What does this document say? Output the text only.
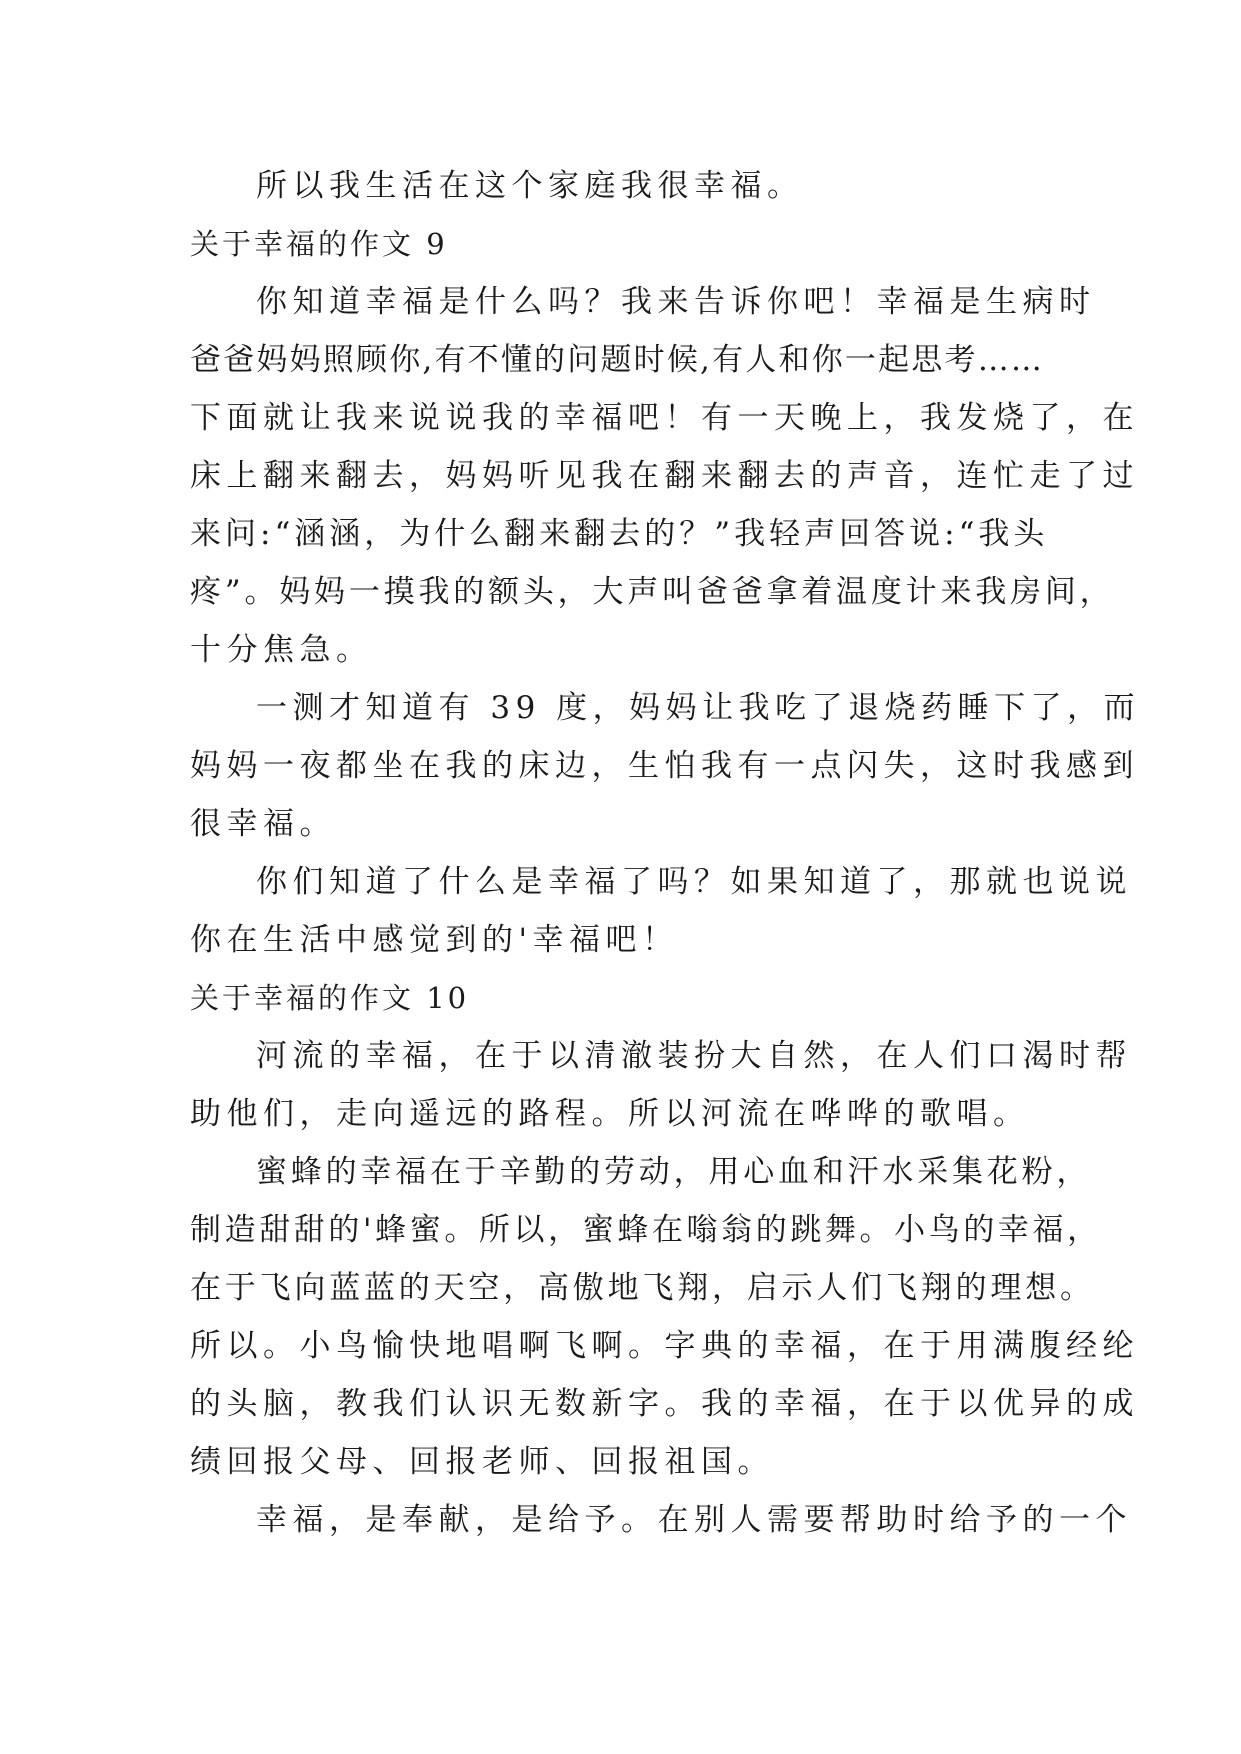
所以我生活在这个家庭我很幸福。
关于幸福的作文 9
你知道幸福是什么吗？我来告诉你吧！幸福是生病时
爸爸妈妈照顾你,有不懂的问题时候,有人和你一起思考……
下面就让我来说说我的幸福吧！有一天晚上，我发烧了，在
床上翻来翻去，妈妈听见我在翻来翻去的声音，连忙走了过
来问:“涵涵，为什么翻来翻去的？”我轻声回答说:“我头
疼”。妈妈一摸我的额头，大声叫爸爸拿着温度计来我房间，
十分焦急。
一测才知道有 39 度，妈妈让我吃了退烧药睡下了，而
妈妈一夜都坐在我的床边，生怕我有一点闪失，这时我感到
很幸福。
你们知道了什么是幸福了吗？如果知道了，那就也说说
你在生活中感觉到的'幸福吧！
关于幸福的作文 10
河流的幸福，在于以清澈装扮大自然，在人们口渴时帮
助他们，走向遥远的路程。所以河流在哗哗的歌唱。
蜜蜂的幸福在于辛勤的劳动，用心血和汗水采集花粉，
制造甜甜的'蜂蜜。所以，蜜蜂在嗡翁的跳舞。小鸟的幸福，
在于飞向蓝蓝的天空，高傲地飞翔，启示人们飞翔的理想。
所以。小鸟愉快地唱啊飞啊。字典的幸福，在于用满腹经纶
的头脑，教我们认识无数新字。我的幸福，在于以优异的成
绩回报父母、回报老师、回报祖国。
幸福，是奉献，是给予。在别人需要帮助时给予的一个
